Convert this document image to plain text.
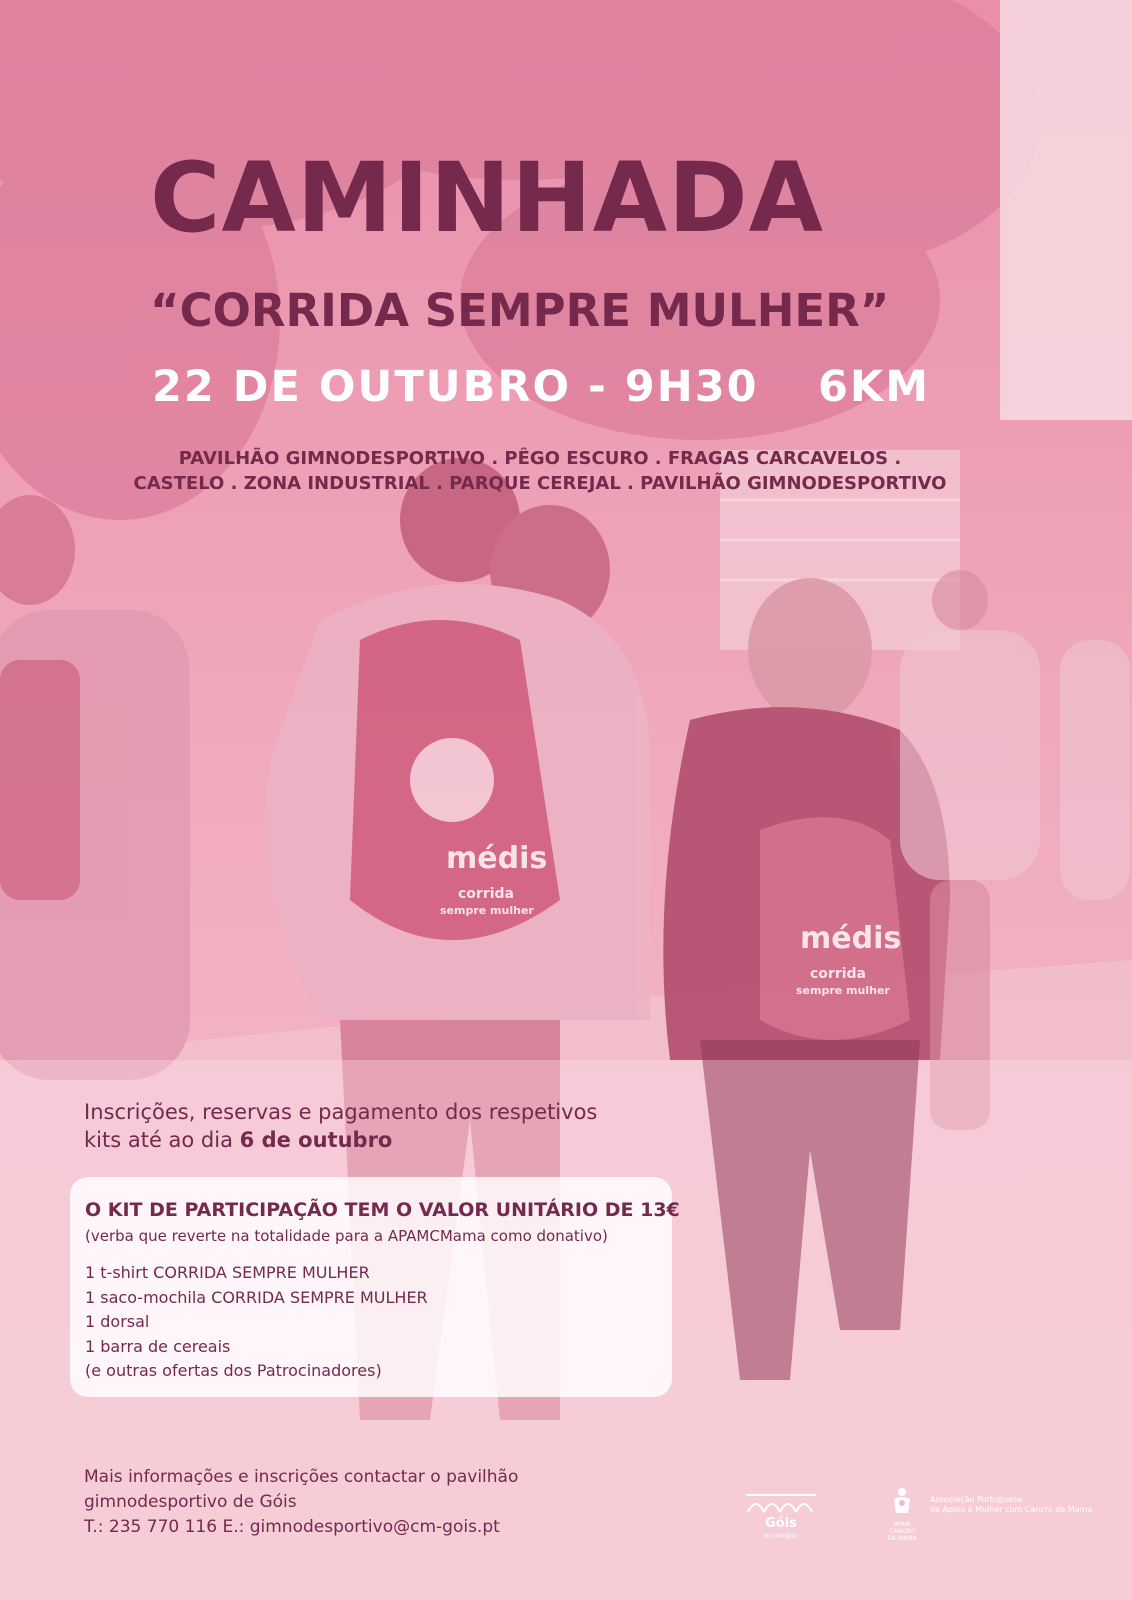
médis
corrida
sempre mulher
médis
corrida
sempre mulher
CAMINHADA
“CORRIDA SEMPRE MULHER”
22 DE OUTUBRO - 9H30 6KM
PAVILHÃO GIMNODESPORTIVO . PÊGO ESCURO . FRAGAS CARCAVELOS .
CASTELO . ZONA INDUSTRIAL . PARQUE CEREJAL . PAVILHÃO GIMNODESPORTIVO
Inscrições, reservas e pagamento dos respetivos
kits até ao dia 6 de outubro
O KIT DE PARTICIPAÇÃO TEM O VALOR UNITÁRIO DE 13€
(verba que reverte na totalidade para a APAMCMama como donativo)
1 t-shirt CORRIDA SEMPRE MULHER
1 saco-mochila CORRIDA SEMPRE MULHER
1 dorsal
1 barra de cereais
(e outras ofertas dos Patrocinadores)
Mais informações e inscrições contactar o pavilhão
gimnodesportivo de Góis
T.: 235 770 116 E.: gimnodesportivo@cm-gois.pt	Góis
município
APAM
CANCRO DA MAMA
Associação Portuguesa
de Apoio à Mulher com Cancro da Mama
